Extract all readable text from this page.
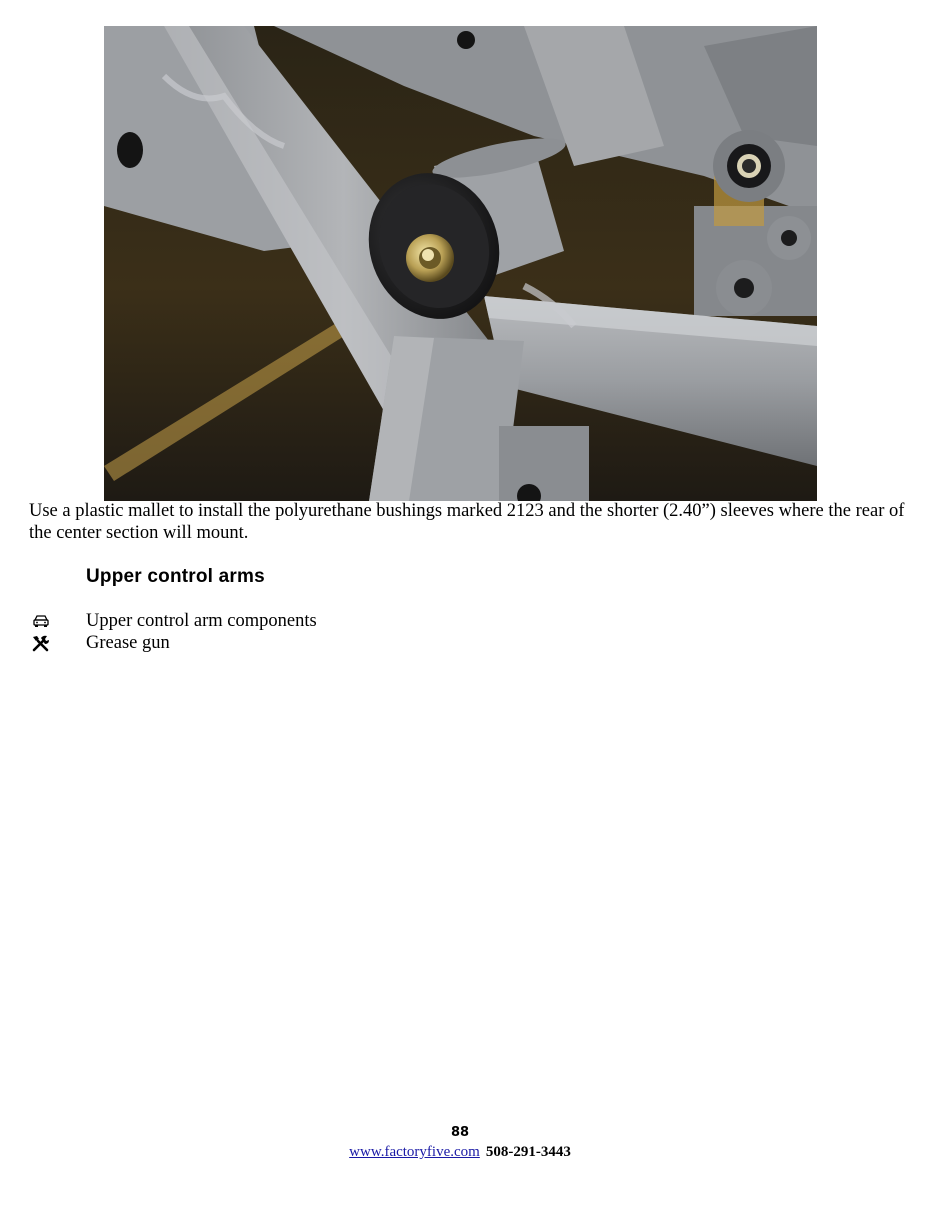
Use a plastic mallet to install the polyurethane bushings marked 2123 and the shorter (2.40”) sleeves where the rear of the center section will mount.
Upper control arms
Upper control arm components
Grease gun
88
www.factoryfive.com 508-291-3443
